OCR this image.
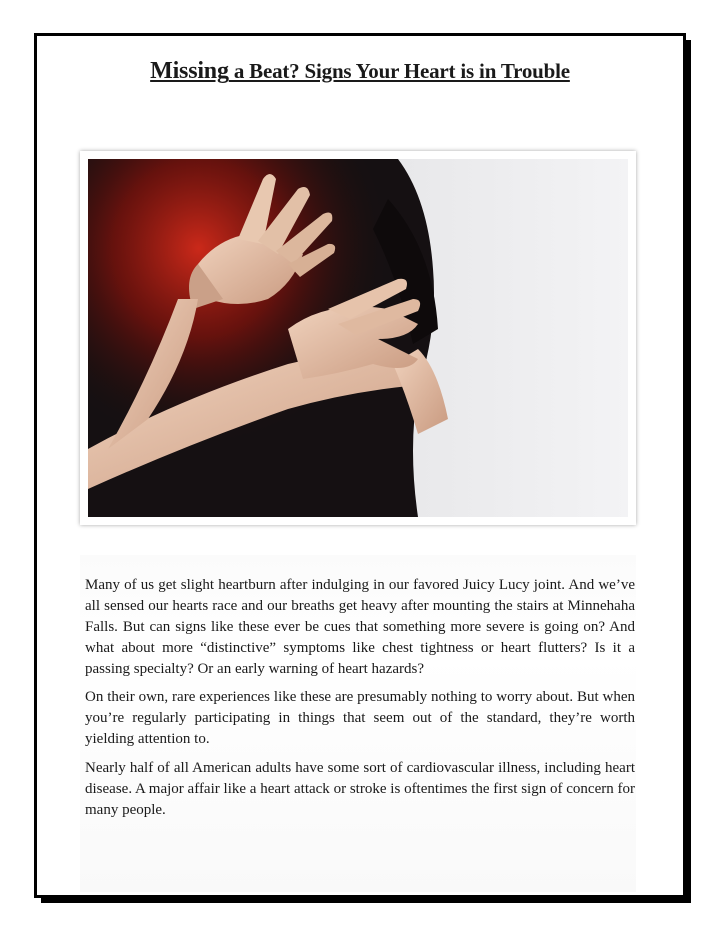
Missing a Beat? Signs Your Heart is in Trouble

Many of us get slight heartburn after indulging in our favored Juicy Lucy joint. And we’ve all sensed our hearts race and our breaths get heavy after mounting the stairs at Minnehaha Falls. But can signs like these ever be cues that something more severe is going on? And what about more “distinctive” symptoms like chest tightness or heart flutters? Is it a passing specialty? Or an early warning of heart hazards?

On their own, rare experiences like these are presumably nothing to worry about. But when you’re regularly participating in things that seem out of the standard, they’re worth yielding attention to.

Nearly half of all American adults have some sort of cardiovascular illness, including heart disease. A major affair like a heart attack or stroke is oftentimes the first sign of concern for many people.
